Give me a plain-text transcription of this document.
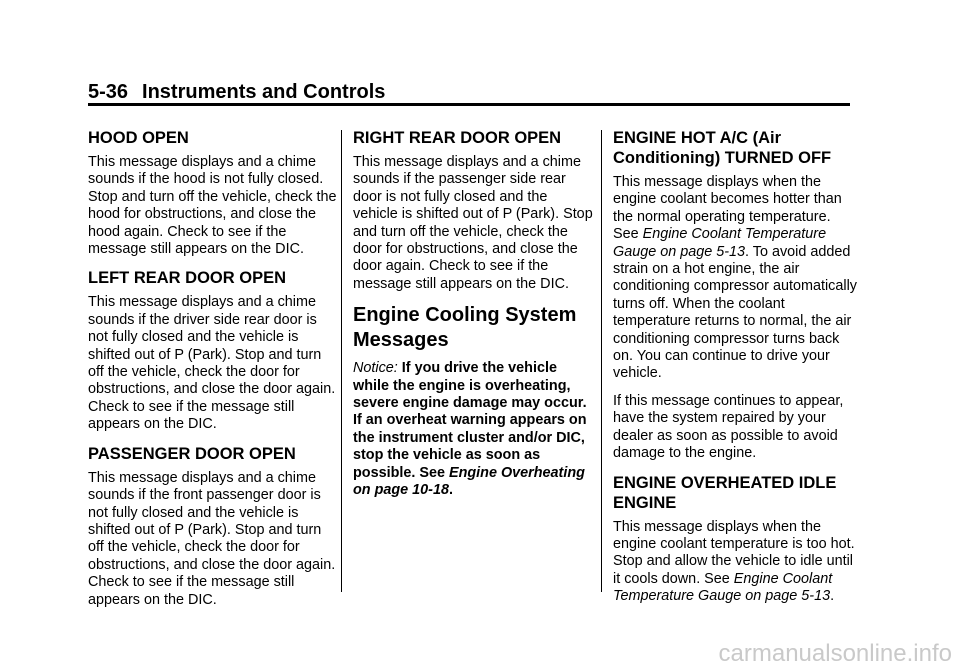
5-36 Instruments and Controls
HOOD OPEN

This message displays and a chime sounds if the hood is not fully closed. Stop and turn off the vehicle, check the hood for obstructions, and close the hood again. Check to see if the message still appears on the DIC.

LEFT REAR DOOR OPEN

This message displays and a chime sounds if the driver side rear door is not fully closed and the vehicle is shifted out of P (Park). Stop and turn off the vehicle, check the door for obstructions, and close the door again. Check to see if the message still appears on the DIC.

PASSENGER DOOR OPEN

This message displays and a chime sounds if the front passenger door is not fully closed and the vehicle is shifted out of P (Park). Stop and turn off the vehicle, check the door for obstructions, and close the door again. Check to see if the message still appears on the DIC.

RIGHT REAR DOOR OPEN

This message displays and a chime sounds if the passenger side rear door is not fully closed and the vehicle is shifted out of P (Park). Stop and turn off the vehicle, check the door for obstructions, and close the door again. Check to see if the message still appears on the DIC.

Engine Cooling System Messages

Notice: If you drive the vehicle while the engine is overheating, severe engine damage may occur. If an overheat warning appears on the instrument cluster and/or DIC, stop the vehicle as soon as possible. See Engine Overheating on page 10-18.

ENGINE HOT A/C (Air Conditioning) TURNED OFF

This message displays when the engine coolant becomes hotter than the normal operating temperature. See Engine Coolant Temperature Gauge on page 5-13. To avoid added strain on a hot engine, the air conditioning compressor automatically turns off. When the coolant temperature returns to normal, the air conditioning compressor turns back on. You can continue to drive your vehicle.

If this message continues to appear, have the system repaired by your dealer as soon as possible to avoid damage to the engine.

ENGINE OVERHEATED IDLE ENGINE

This message displays when the engine coolant temperature is too hot. Stop and allow the vehicle to idle until it cools down. See Engine Coolant Temperature Gauge on page 5-13.

carmanualsonline.info
